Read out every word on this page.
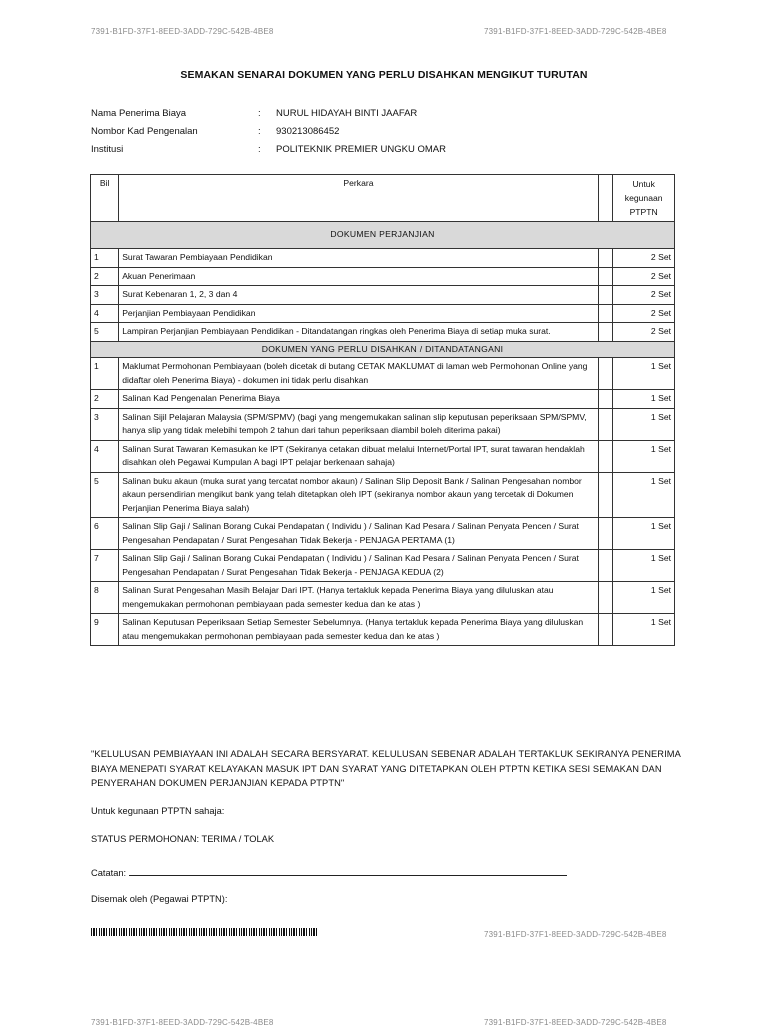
7391-B1FD-37F1-8EED-3ADD-729C-542B-4BE8	7391-B1FD-37F1-8EED-3ADD-729C-542B-4BE8
SEMAKAN SENARAI DOKUMEN YANG PERLU DISAHKAN MENGIKUT TURUTAN
Nama Penerima Biaya	:	NURUL HIDAYAH BINTI JAAFAR
Nombor Kad Pengenalan	:	930213086452
Institusi	:	POLITEKNIK PREMIER UNGKU OMAR
Bil	Perkara		Untuk kegunaan PTPTN
DOKUMEN PERJANJIAN			
1	Surat Tawaran Pembiayaan Pendidikan		2 Set
2	Akuan Penerimaan		2 Set
3	Surat Kebenaran 1, 2, 3 dan 4		2 Set
4	Perjanjian Pembiayaan Pendidikan		2 Set
5	Lampiran Perjanjian Pembiayaan Pendidikan - Ditandatangan ringkas oleh Penerima Biaya di setiap muka surat.		2 Set
DOKUMEN YANG PERLU DISAHKAN / DITANDATANGANI			
1	Maklumat Permohonan Pembiayaan (boleh dicetak di butang CETAK MAKLUMAT di laman web Permohonan Online yang didaftar oleh Penerima Biaya) - dokumen ini tidak perlu disahkan		1 Set
2	Salinan Kad Pengenalan Penerima Biaya		1 Set
3	Salinan Sijil Pelajaran Malaysia (SPM/SPMV) (bagi yang mengemukakan salinan slip keputusan peperiksaan SPM/SPMV, hanya slip yang tidak melebihi tempoh 2 tahun dari tahun peperiksaan diambil boleh diterima pakai)		1 Set
4	Salinan Surat Tawaran Kemasukan ke IPT (Sekiranya cetakan dibuat melalui Internet/Portal IPT, surat tawaran hendaklah disahkan oleh Pegawai Kumpulan A bagi IPT pelajar berkenaan sahaja)		1 Set
5	Salinan buku akaun (muka surat yang tercatat nombor akaun) / Salinan Slip Deposit Bank / Salinan Pengesahan nombor akaun persendirian mengikut bank yang telah ditetapkan oleh IPT (sekiranya nombor akaun yang tercetak di Dokumen Perjanjian Penerima Biaya salah)		1 Set
6	Salinan Slip Gaji / Salinan Borang Cukai Pendapatan ( Individu ) / Salinan Kad Pesara / Salinan Penyata Pencen / Surat Pengesahan Pendapatan / Surat Pengesahan Tidak Bekerja - PENJAGA PERTAMA (1)		1 Set
7	Salinan Slip Gaji / Salinan Borang Cukai Pendapatan ( Individu ) / Salinan Kad Pesara / Salinan Penyata Pencen / Surat Pengesahan Pendapatan / Surat Pengesahan Tidak Bekerja - PENJAGA KEDUA (2)		1 Set
8	Salinan Surat Pengesahan Masih Belajar Dari IPT. (Hanya tertakluk kepada Penerima Biaya yang diluluskan atau mengemukakan permohonan pembiayaan pada semester kedua dan ke atas )		1 Set
9	Salinan Keputusan Peperiksaan Setiap Semester Sebelumnya. (Hanya tertakluk kepada Penerima Biaya yang diluluskan atau mengemukakan permohonan pembiayaan pada semester kedua dan ke atas )		1 Set
"KELULUSAN PEMBIAYAAN INI ADALAH SECARA BERSYARAT. KELULUSAN SEBENAR ADALAH TERTAKLUK SEKIRANYA PENERIMA BIAYA MENEPATI SYARAT KELAYAKAN MASUK IPT DAN SYARAT YANG DITETAPKAN OLEH PTPTN KETIKA SESI SEMAKAN DAN PENYERAHAN DOKUMEN PERJANJIAN KEPADA PTPTN"
Untuk kegunaan PTPTN sahaja:
STATUS PERMOHONAN: TERIMA / TOLAK
Catatan:
Disemak oleh (Pegawai PTPTN):
7391-B1FD-37F1-8EED-3ADD-729C-542B-4BE8
7391-B1FD-37F1-8EED-3ADD-729C-542B-4BE8	7391-B1FD-37F1-8EED-3ADD-729C-542B-4BE8
